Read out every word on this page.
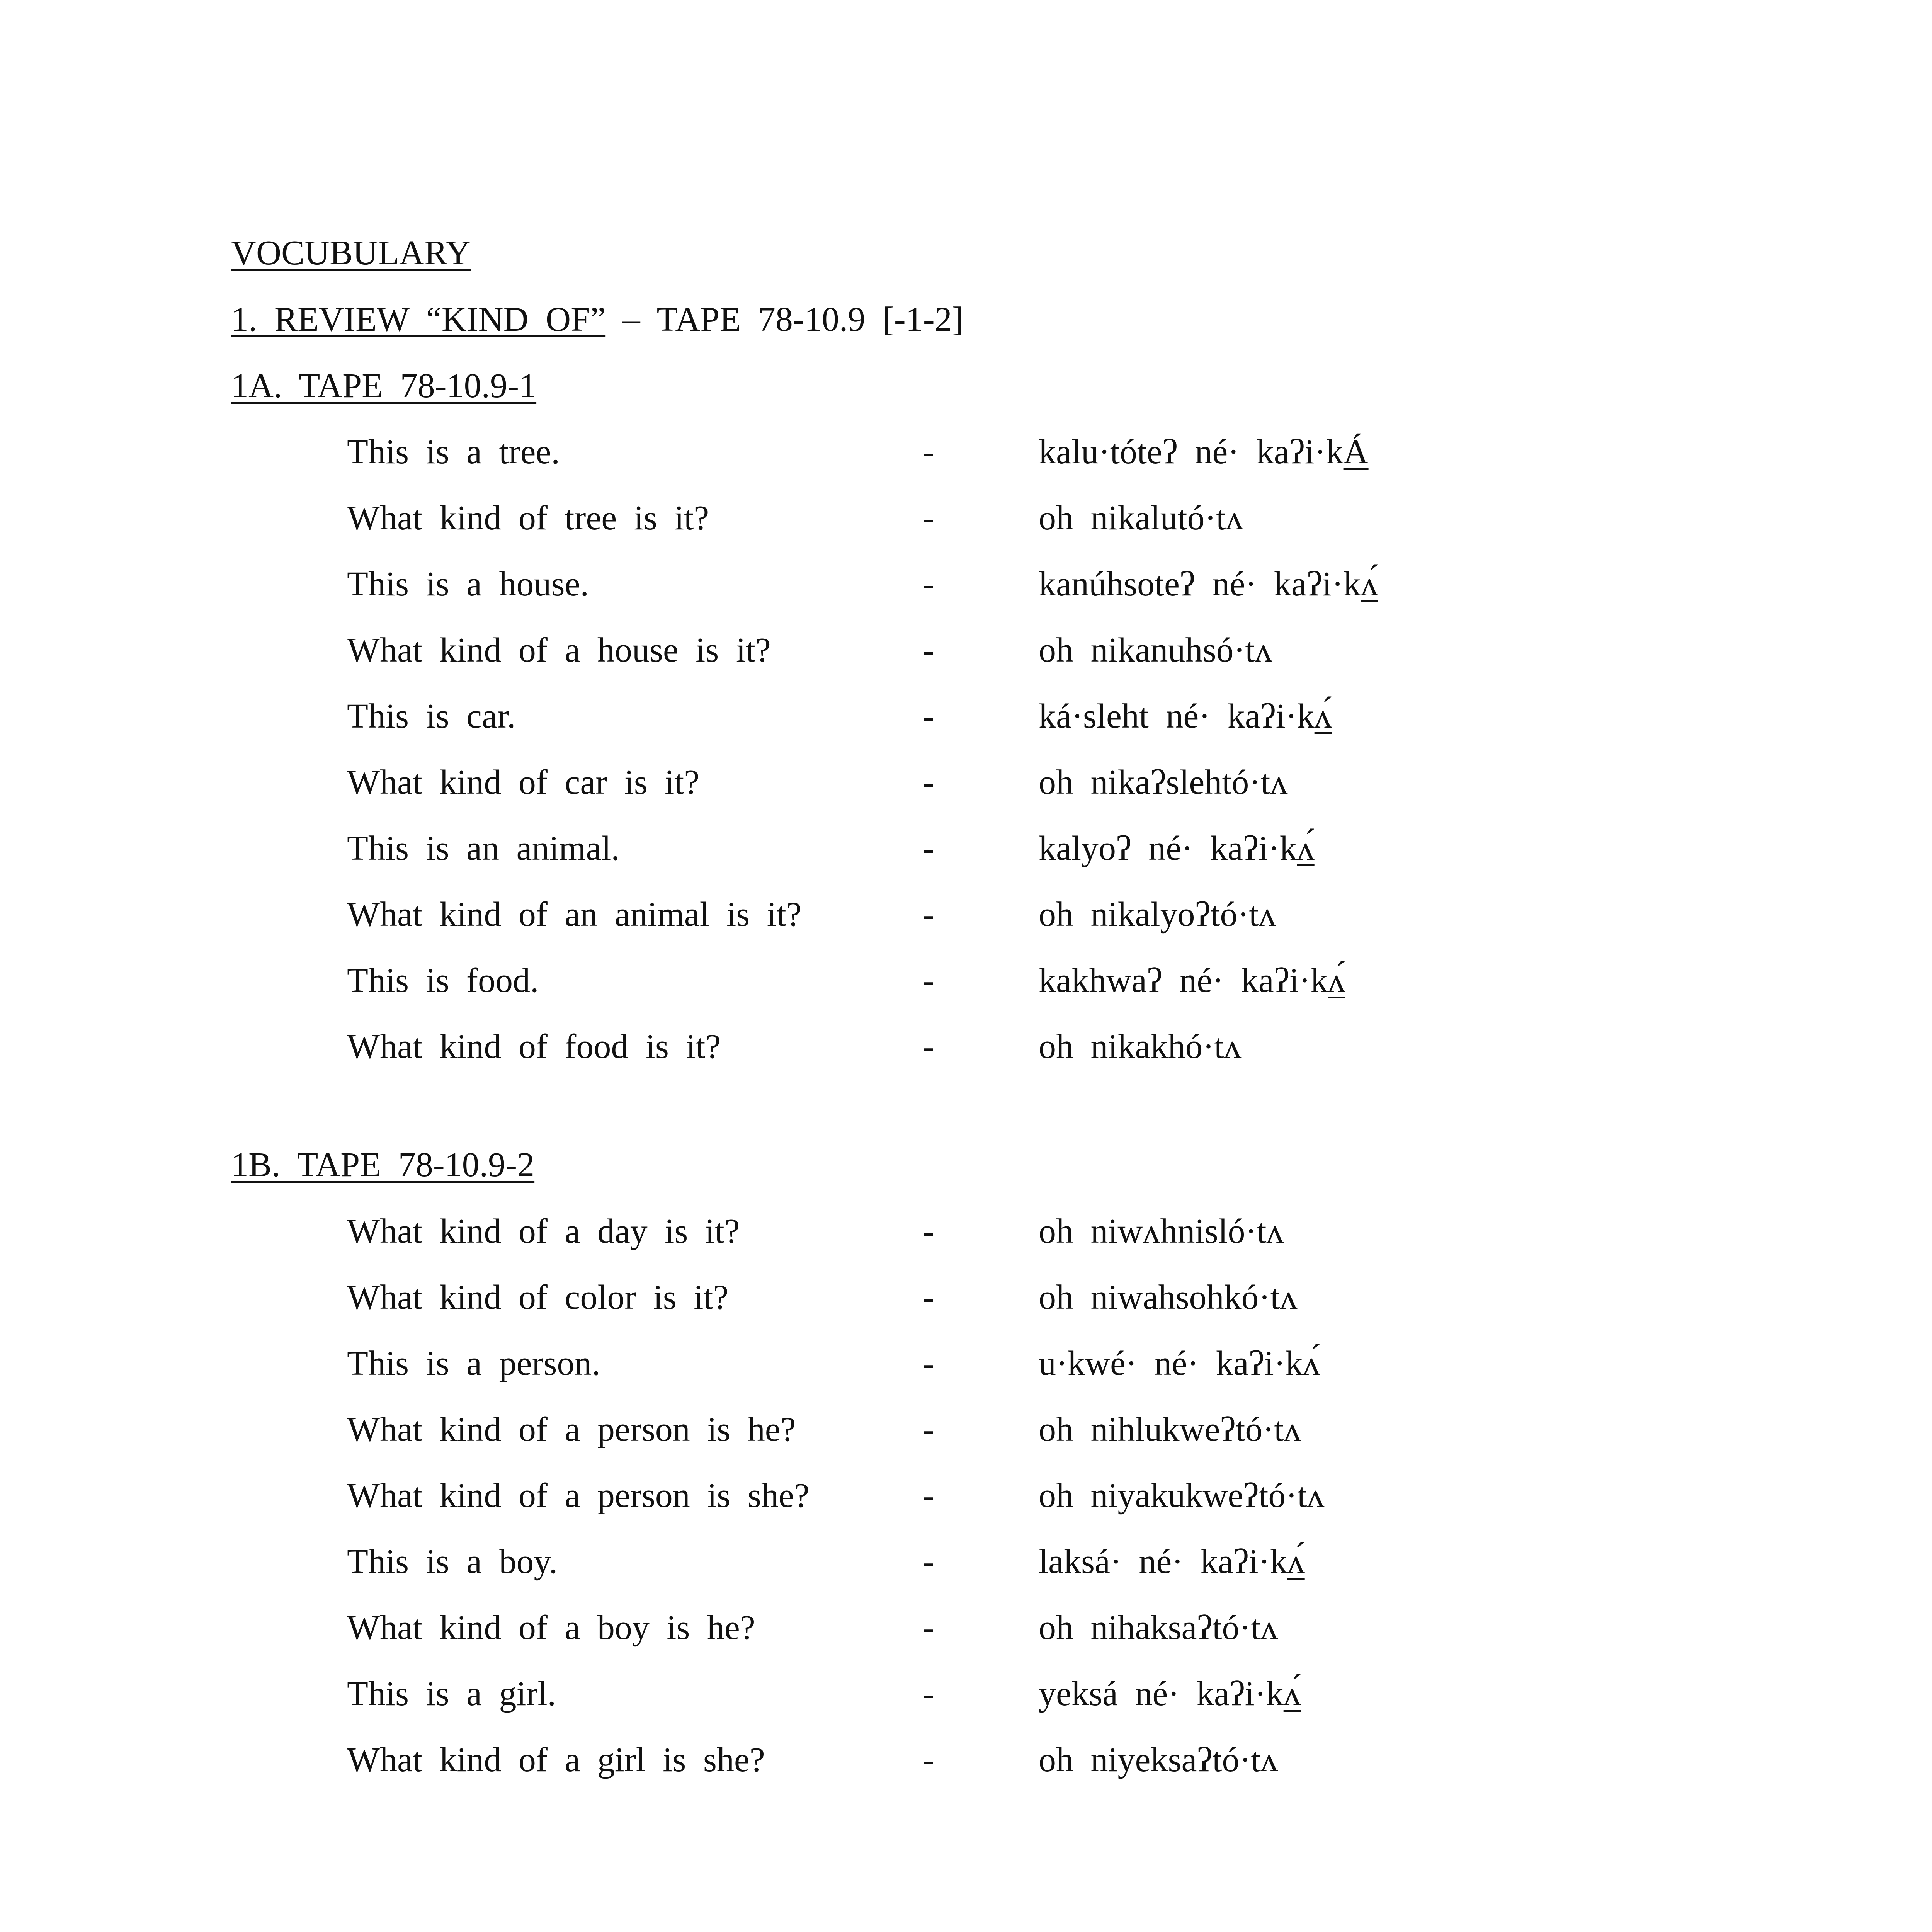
VOCUBULARY
1. REVIEW “KIND OF” – TAPE 78-10.9 [-1-2]
1A. TAPE 78-10.9-1
This is a tree.	-	kalu·tóteʔ né· kaʔi·kÁ
What kind of tree is it?	-	oh nikalutó·tʌ
This is a house.	-	kanúhsoteʔ né· kaʔi·kʌ́
What kind of a house is it?	-	oh nikanuhsó·tʌ
This is car.	-	ká·sleht né· kaʔi·kʌ́
What kind of car is it?	-	oh nikaʔslehtó·tʌ
This is an animal.	-	kalyoʔ né· kaʔi·kʌ́
What kind of an animal is it?	-	oh nikalyoʔtó·tʌ
This is food.	-	kakhwaʔ né· kaʔi·kʌ́
What kind of food is it?	-	oh nikakhó·tʌ
1B. TAPE 78-10.9-2
What kind of a day is it?	-	oh niwʌhnisló·tʌ
What kind of color is it?	-	oh niwahsohkó·tʌ
This is a person.	-	u·kwé· né· kaʔi·kʌ́
What kind of a person is he?	-	oh nihlukweʔtó·tʌ
What kind of a person is she?	-	oh niyakukweʔtó·tʌ
This is a boy.	-	laksá· né· kaʔi·kʌ́
What kind of a boy is he?	-	oh nihaksaʔtó·tʌ
This is a girl.	-	yeksá né· kaʔi·kʌ́
What kind of a girl is she?	-	oh niyeksaʔtó·tʌ
